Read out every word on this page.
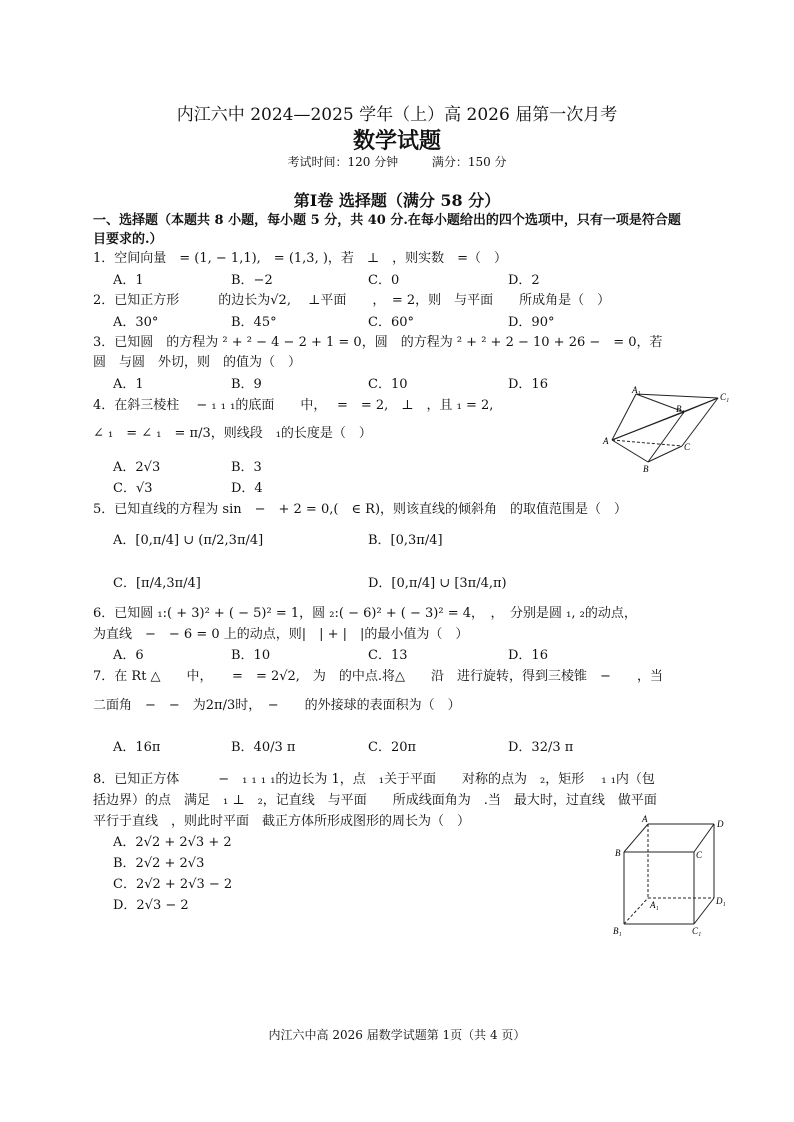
内江六中 2024—2025 学年（上）高 2026 届第一次月考
数学试题
考试时间：120 分钟	满分：150 分
第Ⅰ卷 选择题（满分 58 分）
一、选择题（本题共 8 小题，每小题 5 分，共 40 分.在每小题给出的四个选项中，只有一项是符合题
目要求的.）
1．空间向量　= (1, − 1,1),　= (1,3, )，若　⊥　，则实数　=（　）
A．1	B．−2	C．0	D．2
2．已知正方形　　　的边长为√2,　 ⊥平面　　，　= 2，则　与平面　　所成角是（　）
A．30°	B．45°	C．60°	D．90°
3．已知圆　的方程为 ² + ² − 4 − 2 + 1 = 0，圆　的方程为 ² + ² + 2 − 10 + 26 −　= 0，若
圆　与圆　外切，则　的值为（　）
A．1	B．9	C．10	D．16
4．在斜三棱柱　 − ₁ ₁ ₁的底面　　中，　 =　= 2,　⊥　，且 ₁ = 2,
∠ ₁　= ∠ ₁　= π/3，则线段　₁的长度是（　）
A．2√3	B．3
C．√3	D．4
A₁
C₁
B₁
A
C
B
5．已知直线的方程为 sin　−　+ 2 = 0,(　∈ R)，则该直线的倾斜角　的取值范围是（　）
A．[0,π/4] ∪ (π/2,3π/4]	B．[0,3π/4]
C．[π/4,3π/4]	D．[0,π/4] ∪ [3π/4,π)
6．已知圆 ₁:( + 3)² + ( − 5)² = 1，圆 ₂:( − 6)² + ( − 3)² = 4，　，　分别是圆 ₁, ₂的动点，
为直线　−　− 6 = 0 上的动点，则|　| + |　|的最小值为（　）
A．6	B．10	C．13	D．16
7．在 Rt △　　中，　　=　= 2√2,　为　的中点.将△　　沿　进行旋转，得到三棱锥　−　　，当
二面角　−　−　为2π/3时，　−　　的外接球的表面积为（　）
A．16π	B．40/3 π	C．20π	D．32/3 π
8．已知正方体　　　−　₁ ₁ ₁ ₁的边长为 1，点　₁关于平面　　对称的点为　₂，矩形　 ₁ ₁内（包
括边界）的点　满足　₁ ⊥　₂，记直线　与平面　　所成线面角为　.当　最大时，过直线　做平面
平行于直线　，则此时平面　截正方体所形成图形的周长为（　）
A．2√2 + 2√3 + 2
B．2√2 + 2√3
C．2√2 + 2√3 − 2
D．2√3 − 2
A	D
B	C
A₁	D₁
B₁	C₁
内江六中高 2026 届数学试题第 1页（共 4 页）
